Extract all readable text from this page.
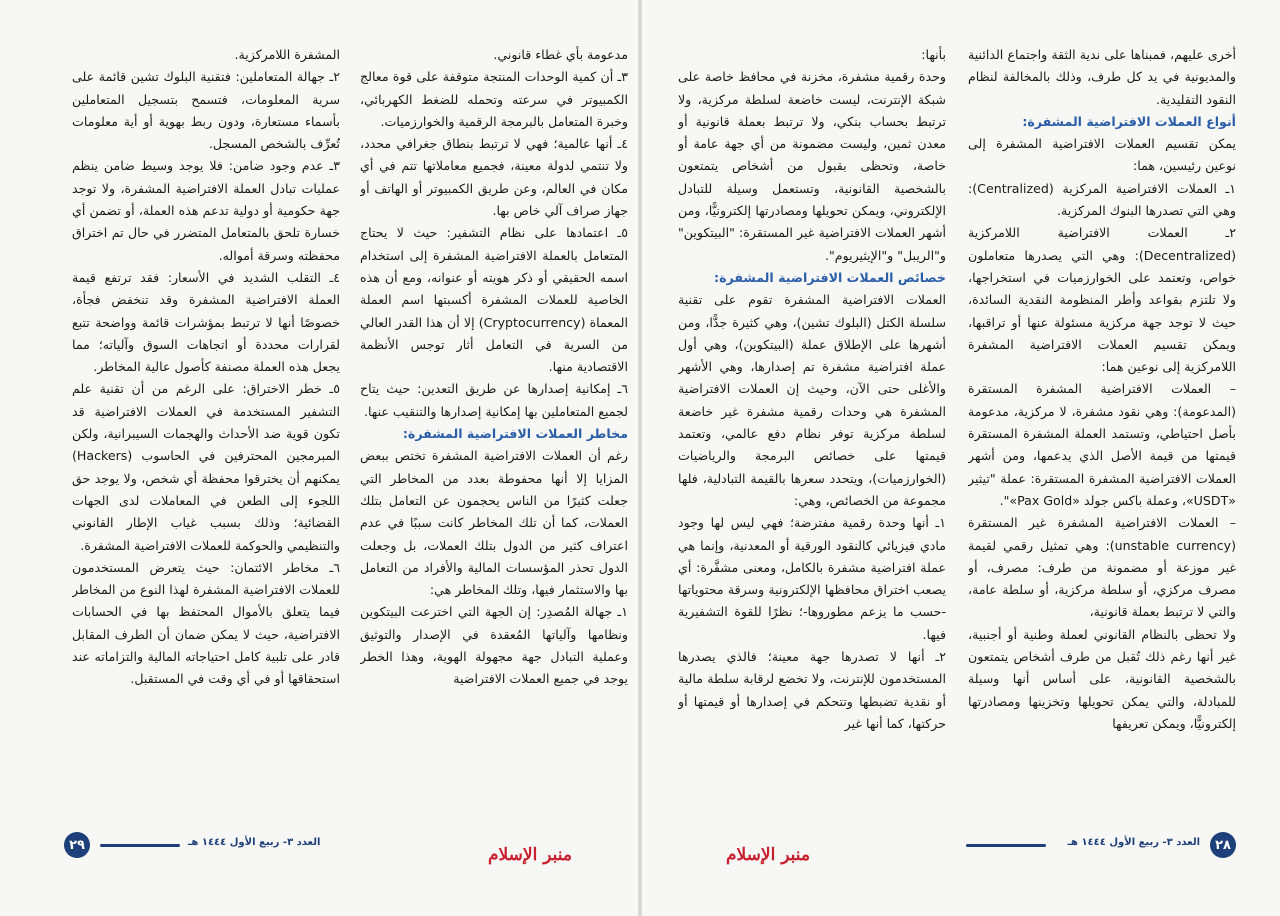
أخرى عليهم، فمبناها على ندية الثقة واجتماع الدائنية والمديونية في يد كل طرف، وذلك بالمخالفة لنظام النقود التقليدية.

أنواع العملات الافتراضية المشفرة:

يمكن تقسيم العملات الافتراضية المشفرة إلى نوعين رئيسين، هما:

١ـ العملات الافتراضية المركزية (Centralized): وهي التي تصدرها البنوك المركزية.

٢ـ العملات الافتراضية اللامركزية (Decentralized): وهي التي يصدرها متعاملون خواص، وتعتمد على الخوارزميات في استخراجها، ولا تلتزم بقواعد وأطر المنظومة النقدية السائدة، حيث لا توجد جهة مركزية مسئولة عنها أو تراقبها، ويمكن تقسيم العملات الافتراضية المشفرة اللامركزية إلى نوعين هما:

– العملات الافتراضية المشفرة المستقرة (المدعومة): وهي نقود مشفرة، لا مركزية، مدعومة بأصل احتياطي، وتستمد العملة المشفرة المستقرة قيمتها من قيمة الأصل الذي يدعمها، ومن أشهر العملات الافتراضية المشفرة المستقرة: عملة "تيثير «USDT»، وعملة باكس جولد «Pax Gold»".

– العملات الافتراضية المشفرة غير المستقرة (unstable currency): وهي تمثيل رقمي لقيمة غير موزعة أو مضمونة من طرف: مصرف، أو مصرف مركزي، أو سلطة مركزية، أو سلطة عامة، والتي لا ترتبط بعملة قانونية،

ولا تحظى بالنظام القانوني لعملة وطنية أو أجنبية، غير أنها رغم ذلك تُقبل من طرف أشخاص يتمتعون بالشخصية القانونية، على أساس أنها وسيلة للمبادلة، والتي يمكن تحويلها وتخزينها ومصادرتها إلكترونيًّا، ويمكن تعريفها

بأنها:

وحدة رقمية مشفرة، مخزنة في محافظ خاصة على شبكة الإنترنت، ليست خاضعة لسلطة مركزية، ولا ترتبط بحساب بنكي، ولا ترتبط بعملة قانونية أو معدن ثمين، وليست مضمونة من أي جهة عامة أو خاصة، وتحظى بقبول من أشخاص يتمتعون بالشخصية القانونية، وتستعمل وسيلة للتبادل الإلكتروني، ويمكن تحويلها ومصادرتها إلكترونيًّا، ومن أشهر العملات الافتراضية غير المستقرة: "البيتكوين" و"الريبل" و"الإيثيريوم".

خصائص العملات الافتراضية المشفرة:

العملات الافتراضية المشفرة تقوم على تقنية سلسلة الكتل (البلوك تشين)، وهي كثيرة جدًّا، ومن أشهرها على الإطلاق عملة (البيتكوين)، وهي أول عملة افتراضية مشفرة تم إصدارها، وهي الأشهر والأغلى حتى الآن، وحيث إن العملات الافتراضية المشفرة هي وحدات رقمية مشفرة غير خاضعة لسلطة مركزية توفر نظام دفع عالمي، وتعتمد قيمتها على خصائص البرمجة والرياضيات (الخوارزميات)، ويتحدد سعرها بالقيمة التبادلية، فلها مجموعة من الخصائص، وهي:

١ـ أنها وحدة رقمية مفترضة؛ فهي ليس لها وجود مادي فيزيائي كالنقود الورقية أو المعدنية، وإنما هي عملة افتراضية مشفرة بالكامل، ومعنى مشفَّرة: أي يصعب اختراق محافظها الإلكترونية وسرقة محتوياتها -حسب ما يزعم مطوروها-؛ نظرًا للقوة التشفيرية فيها.

٢ـ أنها لا تصدرها جهة معينة؛ فالذي يصدرها المستخدمون للإنترنت، ولا تخضع لرقابة سلطة مالية أو نقدية تضبطها وتتحكم في إصدارها أو قيمتها أو حركتها، كما أنها غير

٢٨
العدد ٣- ربيع الأول ١٤٤٤ هـ
منبر الإسلام

مدعومة بأي غطاء قانوني.

٣ـ أن كمية الوحدات المنتجة متوقفة على قوة معالج الكمبيوتر في سرعته وتحمله للضغط الكهربائي، وخبرة المتعامل بالبرمجة الرقمية والخوارزميات.

٤ـ أنها عالمية؛ فهي لا ترتبط بنطاق جغرافي محدد، ولا تنتمي لدولة معينة، فجميع معاملاتها تتم في أي مكان في العالم، وعن طريق الكمبيوتر أو الهاتف أو جهاز صراف آلي خاص بها.

٥ـ اعتمادها على نظام التشفير: حيث لا يحتاج المتعامل بالعملة الافتراضية المشفرة إلى استخدام اسمه الحقيقي أو ذكر هويته أو عنوانه، ومع أن هذه الخاصية للعملات المشفرة أكسبتها اسم العملة المعماة (Cryptocurrency) إلا أن هذا القدر العالي من السرية في التعامل أثار توجس الأنظمة الاقتصادية منها.

٦ـ إمكانية إصدارها عن طريق التعدين: حيث يتاح لجميع المتعاملين بها إمكانية إصدارها والتنقيب عنها.

مخاطر العملات الافتراضية المشفرة:

رغم أن العملات الافتراضية المشفرة تختص ببعض المزايا إلا أنها محفوطة بعدد من المخاطر التي جعلت كثيرًا من الناس يحجمون عن التعامل بتلك العملات، كما أن تلك المخاطر كانت سببًا في عدم اعتراف كثير من الدول بتلك العملات، بل وجعلت الدول تحذر المؤسسات المالية والأفراد من التعامل بها والاستثمار فيها، وتلك المخاطر هي:

١ـ جهالة المُصدِر: إن الجهة التي اخترعت البيتكوين ونظامها وآلياتها المُعقدة في الإصدار والتوثيق وعملية التبادل جهة مجهولة الهوية، وهذا الخطر يوجد في جميع العملات الافتراضية

المشفرة اللامركزية.

٢ـ جهالة المتعاملين: فتقنية البلوك تشين قائمة على سرية المعلومات، فتسمح بتسجيل المتعاملين بأسماء مستعارة، ودون ربط بهوية أو أية معلومات تُعرِّف بالشخص المسجل.

٣ـ عدم وجود ضامن: فلا يوجد وسيط ضامن ينظم عمليات تبادل العملة الافتراضية المشفرة، ولا توجد جهة حكومية أو دولية تدعم هذه العملة، أو تضمن أي خسارة تلحق بالمتعامل المتضرر في حال تم اختراق محفظته وسرقة أمواله.

٤ـ التقلب الشديد في الأسعار: فقد ترتفع قيمة العملة الافتراضية المشفرة وقد تنخفض فجأة، خصوصًا أنها لا ترتبط بمؤشرات قائمة وواضحة تتبع لقرارات محددة أو اتجاهات السوق وآلياته؛ مما يجعل هذه العملة مصنفة كأصول عالية المخاطر.

٥ـ خطر الاختراق: على الرغم من أن تقنية علم التشفير المستخدمة في العملات الافتراضية قد تكون قوية ضد الأحداث والهجمات السيبرانية، ولكن المبرمجين المحترفين في الحاسوب (Hackers) يمكنهم أن يخترقوا محفظة أي شخص، ولا يوجد حق اللجوء إلى الطعن في المعاملات لدى الجهات القضائية؛ وذلك بسبب غياب الإطار القانوني والتنظيمي والحوكمة للعملات الافتراضية المشفرة.

٦ـ مخاطر الائتمان: حيث يتعرض المستخدمون للعملات الافتراضية المشفرة لهذا النوع من المخاطر فيما يتعلق بالأموال المحتفظ بها في الحسابات الافتراضية، حيث لا يمكن ضمان أن الطرف المقابل قادر على تلبية كامل احتياجاته المالية والتزاماته عند استحقاقها أو في أي وقت في المستقبل.

٢٩	العدد ٣- ربيع الأول ١٤٤٤ هـ
منبر الإسلام
